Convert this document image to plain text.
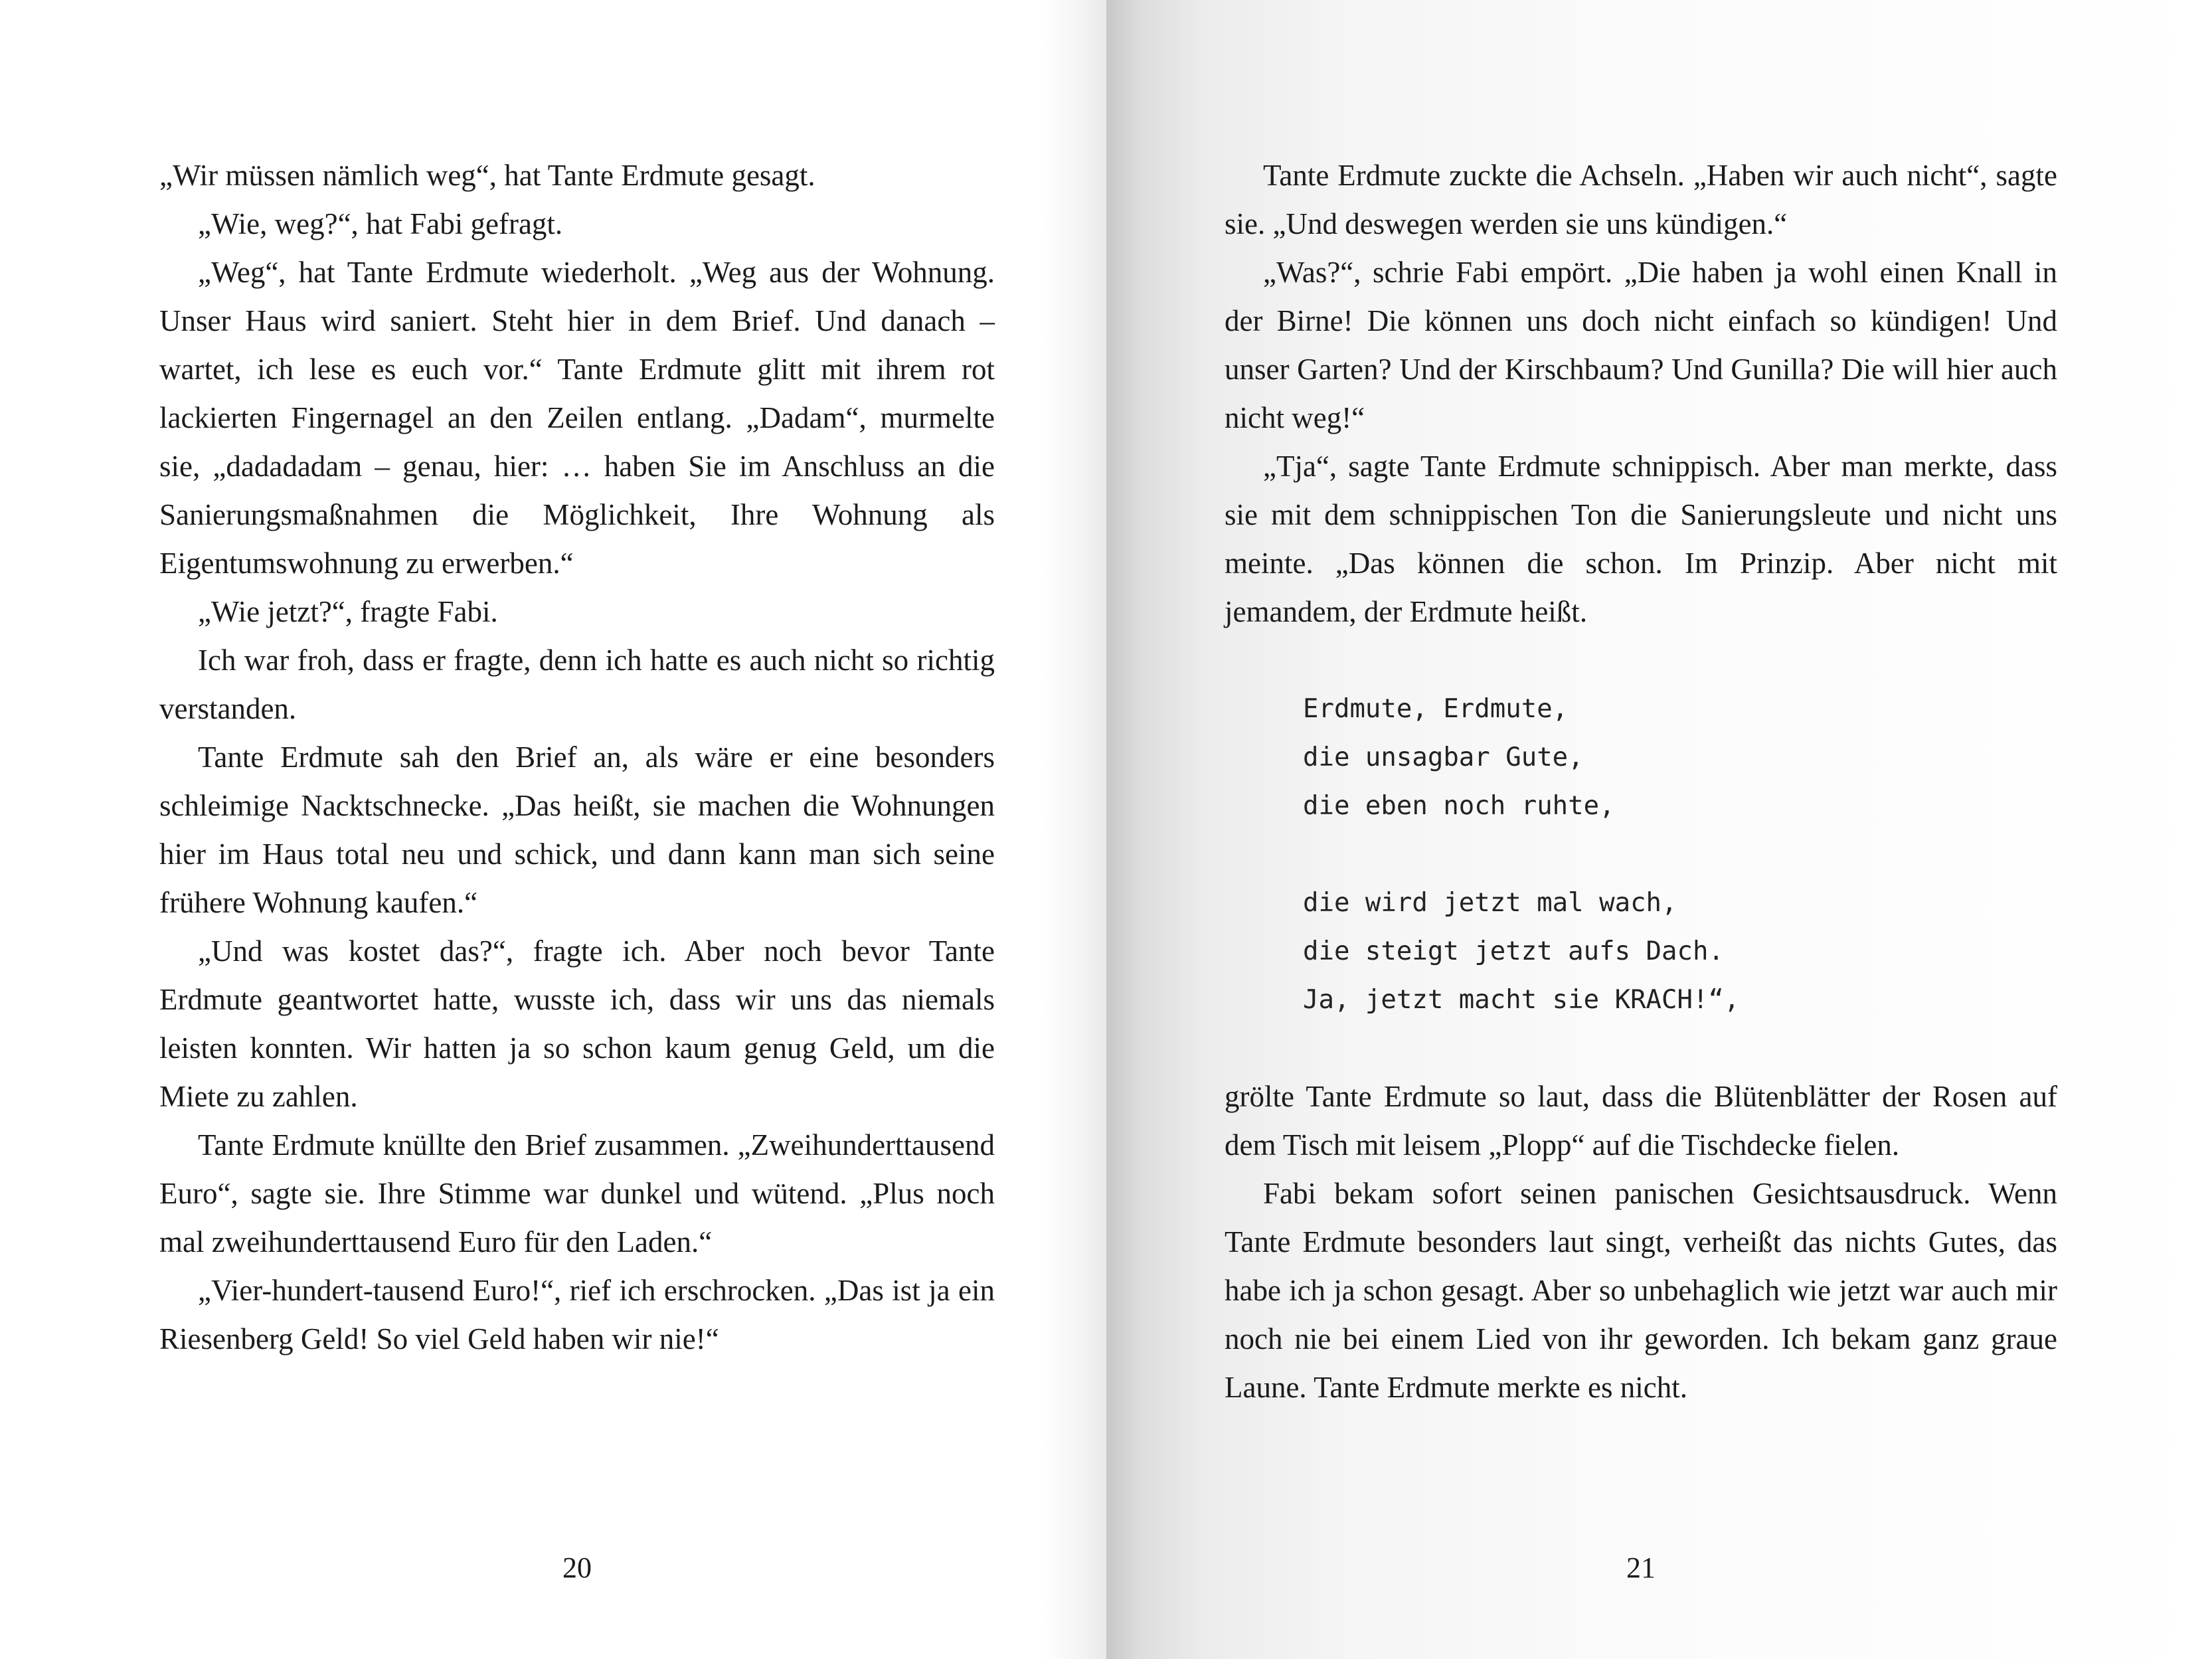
„Wir müssen nämlich weg“, hat Tante Erdmute gesagt.

„Wie, weg?“, hat Fabi gefragt.

„Weg“, hat Tante Erdmute wiederholt. „Weg aus der Wohnung. Unser Haus wird saniert. Steht hier in dem Brief. Und danach – wartet, ich lese es euch vor.“ Tante Erdmute glitt mit ihrem rot lackierten Fingernagel an den Zeilen entlang. „Dadam“, murmelte sie, „dadadadam – genau, hier: … haben Sie im Anschluss an die Sanierungsmaßnahmen die Möglichkeit, Ihre Wohnung als Eigentumswohnung zu erwerben.“

„Wie jetzt?“, fragte Fabi.

Ich war froh, dass er fragte, denn ich hatte es auch nicht so richtig verstanden.

Tante Erdmute sah den Brief an, als wäre er eine besonders schleimige Nacktschnecke. „Das heißt, sie machen die Wohnungen hier im Haus total neu und schick, und dann kann man sich seine frühere Wohnung kaufen.“

„Und was kostet das?“, fragte ich. Aber noch bevor Tante Erdmute geantwortet hatte, wusste ich, dass wir uns das niemals leisten konnten. Wir hatten ja so schon kaum genug Geld, um die Miete zu zahlen.

Tante Erdmute knüllte den Brief zusammen. „Zweihunderttausend Euro“, sagte sie. Ihre Stimme war dunkel und wütend. „Plus noch mal zweihunderttausend Euro für den Laden.“

„Vier-hundert-tausend Euro!“, rief ich erschrocken. „Das ist ja ein Riesenberg Geld! So viel Geld haben wir nie!“

20

Tante Erdmute zuckte die Achseln. „Haben wir auch nicht“, sagte sie. „Und deswegen werden sie uns kündigen.“

„Was?“, schrie Fabi empört. „Die haben ja wohl einen Knall in der Birne! Die können uns doch nicht einfach so kündigen! Und unser Garten? Und der Kirschbaum? Und Gunilla? Die will hier auch nicht weg!“

„Tja“, sagte Tante Erdmute schnippisch. Aber man merkte, dass sie mit dem schnippischen Ton die Sanierungsleute und nicht uns meinte. „Das können die schon. Im Prinzip. Aber nicht mit jemandem, der Erdmute heißt.

Erdmute, Erdmute,
die unsagbar Gute,
die eben noch ruhte,
die wird jetzt mal wach,
die steigt jetzt aufs Dach.
Ja, jetzt macht sie KRACH!“,

grölte Tante Erdmute so laut, dass die Blütenblätter der Rosen auf dem Tisch mit leisem „Plopp“ auf die Tischdecke fielen.

Fabi bekam sofort seinen panischen Gesichtsausdruck. Wenn Tante Erdmute besonders laut singt, verheißt das nichts Gutes, das habe ich ja schon gesagt. Aber so unbehaglich wie jetzt war auch mir noch nie bei einem Lied von ihr geworden. Ich bekam ganz graue Laune. Tante Erdmute merkte es nicht.

21
